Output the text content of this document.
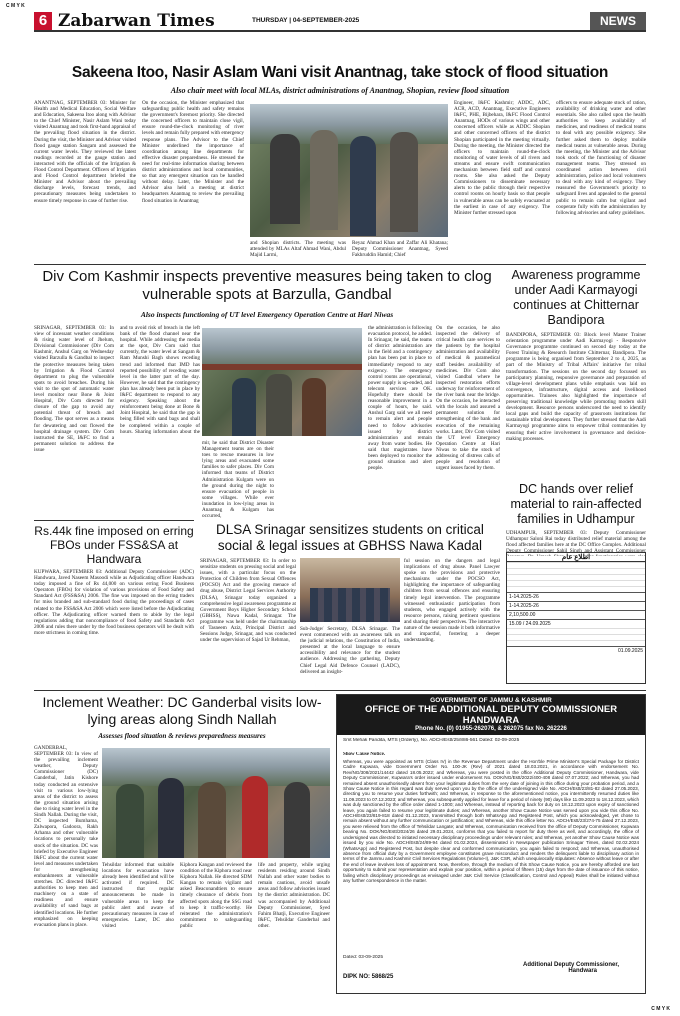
C M Y K
6 Zabarwan Times	THURSDAY | 04-SEPTEMBER-2025	NEWS
Sakeena Itoo, Nasir Aslam Wani visit Anantnag, take stock of flood situation
Also chair meet with local MLAs, district administrations of Anantnag, Shopian, review flood situation
ANANTNAG, SEPTEMBER 03: Minister for Health and Medical Education, Social Welfare and Education, Sakeena Itoo along with Advisor to the Chief Minister, Nasir Aslam Wani today visited Anantnag and took first-hand appraisal of the prevailing flood situation in the district. During the visit, the Minister and Advisor visited flood gauge station Sangam and assessed the current water levels. They reviewed the latest readings recorded at the gauge station and interacted with the officials of the Irrigation & Flood Control Department. Officers of Irrigation and Flood Control department briefed the Minister and Advisor about the prevailing discharge levels, forecast trends, and precautionary measures being undertaken to ensure timely response in case of further rise.
On the occasion, the Minister emphasized that safeguarding public health and safety remains the government's foremost priority. She directed the concerned officers to maintain close vigil, ensure round-the-clock monitoring of river levels and remain fully prepared with emergency response plans. The Advisor to the Chief Minister underlined the importance of coordination among line departments for effective disaster preparedness. He stressed the need for real-time information sharing between district administrations and local communities, so that any emergent situation can be handled without delay. Later, the Minister and the Advisor also held a meeting at district headquarters Anantnag to review the prevailing flood situation in Anantnag
and Shopian districts. The meeting was attended by MLAs Altaf Ahmad Wani, Abdul Majid Larmi,
Reyaz Ahmad Khan and Zaffar Ali Khatana; Deputy Commissioner Anantnag, Syeed Fakhruddin Hamid; Chief
Engineer, I&FC Kashmir; ADDC, ADC, ACR, ACD, Anantnag, Executive Engineers I&FC, PHE, Bijbehara, I&FC Flood Control Anantnag, HODs of various wings and other concerned officers while as ADDC Shopian and other concerned officers of the district Shopian participated in the meeting virtually. During the meeting, the Minister directed the officers to maintain round-the-clock monitoring of water levels of all rivers and streams and ensure swift communication mechanism between field staff and control rooms. She also asked the Deputy Commissioners to disseminate necessary alerts to the public through their respective control rooms on hourly basis so that people in vulnerable areas can be safely evacuated at the earliest in case of any exigency. The Minister further stressed upon
officers to ensure adequate stock of ration, availability of drinking water and other essentials. She also called upon the health authorities to keep availability of medicines, and readiness of medical teams to deal with any possible exigency. She further asked them to deploy mobile medical teams at vulnerable areas. During the meeting, the Minister and the Advisor took stock of the functioning of disaster management teams. They stressed on coordinated action between civil administration, police and local volunteers to deal with any kind of exigency. They reassured the Government's priority to safeguard lives and appealed to the general public to remain calm but vigilant and cooperate fully with the administration by following advisories and safety guidelines.
Div Com Kashmir inspects preventive measures being taken to clog vulnerable spots at Barzulla, Gandbal
Also inspects functioning of UT level Emergency Operation Centre at Hari Niwas
SRINAGAR, SEPTEMBER 03: In view of incessant weather conditions & rising water level of Jhelum, Divisional Commissioner (Div Com Kashmir, Anshul Garg on Wednesday visited Barzulla & Gandbal to inspect the protective measures being taken by Irrigation & Flood Control department to plug the vulnerable spots to avoid breaches. During his visit to the spot of automatic water level monitor near Bone & Joint Hospital, Div Com directed for closure of the gap to avoid any potential threat of breach and flooding. The spot serves as a means for dewatering and out flowed the hospital drainage system. Div Com instructed the SE, I&FC to find a permanent solution to address the issue
and to avoid risk of breach in the left bank of the flood channel near the hospital. While addressing the media at the spot, Div Com said that currently, the water level at Sangam & Ram Munshi Bagh shows receding trend and informed that IMD has reported possibility of receding water level in the latter part of the day. However, he said that the contingency plan has already been put in place by I&FC department to respond to any exigency. Speaking about the reinforcement being done at Bone & Joint Hospital, he said that the gap is being filled with sand bags and shall be completed within a couple of hours. Sharing information about the
mir, he said that District Disaster Management teams are on their toes to rescue measures in low lying areas and evacuated some families to safer places. Div Com informed that teams of District Administration Kulgam were on the ground during the night to ensure evacuation of people in some villages. While ever inundation in low-lying areas in Anantnag & Kulgam has occurred,
the administration is following evacuation protocol, he added. In Srinagar, he said, the teams of district administration are in the field and a contingency plan has been put in place to immediately respond to any exigency. The emergency control rooms are operational, power supply is up-ended, and telecom services are OK. Hopefully there should be reasonable improvement in a couple of hours, he said. Anshul Garg said we all need to remain alert and people need to follow advisories issued by district administration and remain away from water bodies. He said that magistrates have been deployed to monitor the ground situation and alert people.
On the occasion, he also inspected the delivery of critical health care services to the patients by the hospital administration and availability of medical & paramedical staff besides availability of medicines. Div Com also visited Gandbal where he inspected restoration efforts underway for reinforcement of the river bank near the bridge. On the occasion, he interacted with the locals and assured a permanent solution for strengthening of the bank and execution of the remaining works. Later, Div Com visited the UT level Emergency Operation Centre at Hari Niwas to take the stock of addressing of distress calls of people and resolution of urgent issues faced by them.
Awareness programme under Aadi Karmayogi continues at Chitternar Bandipora
BANDIPORA, SEPTEMBER 03: Block level Master Trainer orientation programme under Aadi Karmayogi - Responsive Governance programme continued on second day today at the Forest Training & Research Institute Chitternar, Bandipora. The programme is being organised from September 2 to 4, 2025, as part of the Ministry of Tribal Affairs' initiative for tribal transformation. The sessions on the second day focussed on participatory planning, responsive governance and preparation of village-level development plans while emphasis was laid on convergence, infrastructure, digital access and livelihood opportunities. Trainees also highlighted the importance of preserving traditional knowledge while promoting modern skill development. Resource persons underscored the need to identify local gaps and build the capacity of grassroots institutions for sustainable tribal development. They further stressed that the Aadi Karmayogi programme aims to empower tribal communities by ensuring their active involvement in governance and decision-making processes.
DC hands over relief material to rain-affected families in Udhampur
UDHAMPUR, SEPTEMBER 03: Deputy Commissioner Udhampur Saloni Rai today distributed relief material among the flood affected families here at the DC Office Complex. Additional Deputy Commissioner Sahil Singh and Assistant Commissioner
اطلاعِ عام
1-14.2025-26
1-14.2025-26
2,10,500.00
15.09 / 24.09.2025
01.09.2025
Rs.44k fine imposed on erring FBOs under FSS&SA at Handwara
KUPWARA, SEPTEMBER 03: Additional Deputy Commissioner (ADC) Handwara, Javed Naseem Masoodi while as Adjudicating officer Handwara today imposed a fine of Rs 44,000 on various erring Food Business Operators (FBOs) for violation of various provisions of Food Safety and Standard Act (FSS&SA) 2006. The fine was imposed on the erring traders for miss branded and sub-standard food during the proceedings of cases related to the FSS&SA Act 2006 which were listed before the Adjudicating officer. The Adjudicating officer warned them to abide by the legal regulations adding that noncompliance of food Safety and Standards Act 2006 and rules there under by the food business operators will be dealt with more strictness in coming time.
DLSA Srinagar sensitizes students on critical social & legal issues at GBHSS Nawa Kadal
SRINAGAR, SEPTEMBER 03: In order to sensitize students on pressing social and legal issues, with a particular focus on the Protection of Children from Sexual Offences (POCSO) Act and the growing menace of drug abuse, District Legal Services Authority (DLSA), Srinagar today organized a comprehensive legal awareness programme at Government Boys Higher Secondary School (GBHSS), Nawa Kadal, Srinagar. The programme was held under the chairmanship of Tasneem Aziz, Principal District and Sessions Judge, Srinagar, and was conducted under the supervision of Sajad Ur Rehman,
Sub-Judge/ Secretary, DLSA Srinagar. The event commenced with an awareness talk on the judicial relations, the Constitution of India, presented at the local language to ensure accessibility and relevance for the student audience. Addressing the gathering, Deputy Chief Legal Aid Defence Counsel (LADC), delivered an insight-
ful session on the dangers and legal implications of drug abuse. Panel Lawyer spoke on the provisions and protective mechanisms under the POCSO Act, highlighting the importance of safeguarding children from sexual offences and ensuring timely legal intervention. The programme witnessed enthusiastic participation from students, who engaged actively with the resource persons, raising pertinent questions and sharing their perspectives. The interactive nature of the session made it both informative and impactful, fostering a deeper understanding.
Inclement Weather: DC Ganderbal visits low-lying areas along Sindh Nallah
Assesses flood situation & reviews preparedness measures
GANDERBAL, SEPTEMBER 03: In view of the prevailing inclement weather, Deputy Commissioner (DC) Ganderbal, Jatin Kishore today conducted an extensive visit to various low-lying areas of the district to assess the ground situation arising due to rising water level in the Sindh Nallah. During the visit, DC inspected Bumhama, Zalwapora, Gadoora, Rakh Arhama and other vulnerable locations to personally take stock of the situation. DC was briefed by Executive Engineer I&FC about the current water level and measures undertaken for strengthening embankments at vulnerable stretches. DC directed I&FC authorities to keep men and machinery on a state of readiness and ensure availability of sand bags at identified locations. He further emphasized on keeping evacuation plans in place.
Tehsildar informed that suitable locations for evacuation have already been identified and will be activated if required. DC instructed that regular announcements be made in vulnerable areas to keep the public alert and aware of precautionary measures in case of emergencies. Later, DC also visited
Kiphora Kangan and reviewed the condition of the Kiphora road near Kiphora Nallah. He directed SDM Kangan to remain vigilant and asked Beaconandtiers to ensure timely clearance of debris from affected spots along the SSG road to keep it traffic-worthy. He reiterated the administration's commitment to safeguarding public
life and property, while urging residents residing around Sindh Nallah and other water bodies to remain cautious, avoid unsafe areas and follow advisories issued by the district administration. DC was accompanied by Additional Deputy Commissioner, Syed Fahim Bhatji, Executive Engineer I&FC, Tehsildar Ganderbal and other.
GOVERNMENT OF JAMMU & KASHMIR
OFFICE OF THE ADDITIONAL DEPUTY COMMISSIONER HANDWARA
Phone No. (0) 01955-262076, & 262075 fax No. 262226
Smt Mehak Pandita, MTS (Orderly), No. ADCH/Estt/25/886-561 Dated: 02-09-2025
Show Cause Notice.
Whereas, you were appointed as MTS (Class IV) in the Revenue Department under the Hon'ble Prime Minister's Special Package for District Cadre Kupwara, vide Government Order No. 100-JK (Rev) of 2021 dated 18.03.2021, in accordance with endorsement No. Rev/NG/308/2021/14442 dated 18.05.2022; and Whereas, you were posted in the office Additional Deputy Commissioner, Handwara, vide Deputy Commissioner, Kupwara's order issued under endorsement No. DOK/NG/Estt/2022/400-408 dated 07.07.2022; and Whereas, you had remained absent unauthorisedly absent from your legitimate duties from the very date of joining in this office during your probation period, and a Show Cause Notice in this regard was duly served upon you by the office of the undersigned vide No. ADCH/Estt/23/81-82 dated 27.05.2023, directing you to resume your duties forthwith; and Whereas, in response to the aforementioned notice, you intermittently resumed duties like 11.09.2023 to 07.12.2023; and Whereas, you subsequently applied for leave for a period of ninety (90) days like 11.09.2023 to 18.12.2023, which was duly sanctioned by the office order dated 1-1000; and Whereas, instead of reporting back for duty on 18.12.2023 upon expiry of sanctioned leave, you again failed to resume your legitimate duties; and Whereas, another Show Cause Notice was served upon you vide this office No. ADCH/Estt/23/819-818 dated 01.12.2023, transmitted through both WhatsApp and Registered Post, which you acknowledged, yet chose to remain absent without any further communication or justification; and Whereas, vide this office letter No. ADCH/Estt/23/274-75 dated 27.12.2023, you were relieved from the office of Tehsildar Langate; and Whereas, communication received from the office of Deputy Commissioner, Kupwara bearing No. DOK/NG/Estt/2024/26 dated 29.01.2024, conforms that you failed to report for duty there as well, and accordingly, the office of undersigned was directed to initiated necessary disciplinary proceedings under relevant rules; and Whereas, yet another Show Cause Notice was issued by you vide No. ADCH/Estt/24/89-94 dated 01.02.2024, disseminated in Newspaper publication Srinagar Times, dated 02.02.2024 (WhatsApp) and Registered Post, but despite clear and conformed communication, you again failed to respond; and Whereas, unauthorised absence from official duty by a Government employee constitutes grave misconduct and renders the delinquent liable to disciplinary action in terms of the Jammu and Kashmir Civil Services Regulations (Volume-I), J&K CSR, which unequivocally stipulates: Absence without leave or after the end of leave involves loss of appointment. Now, therefore, through the medium of this Show Cause Notice, you are hereby afforded one last opportunity to submit your representation and explain your position, within a period of fifteen (15) days from the date of issuance of this notice, failing which disciplinary proceedings as envisaged under J&K Civil Service (Classification, Control and Appeal) Rules shall be initiated without any further correspondence in the matter.
Dated: 03-09-2025
Additional Deputy Commissioner,
Handwara
DIPK NO: 5868/25
C M Y K
